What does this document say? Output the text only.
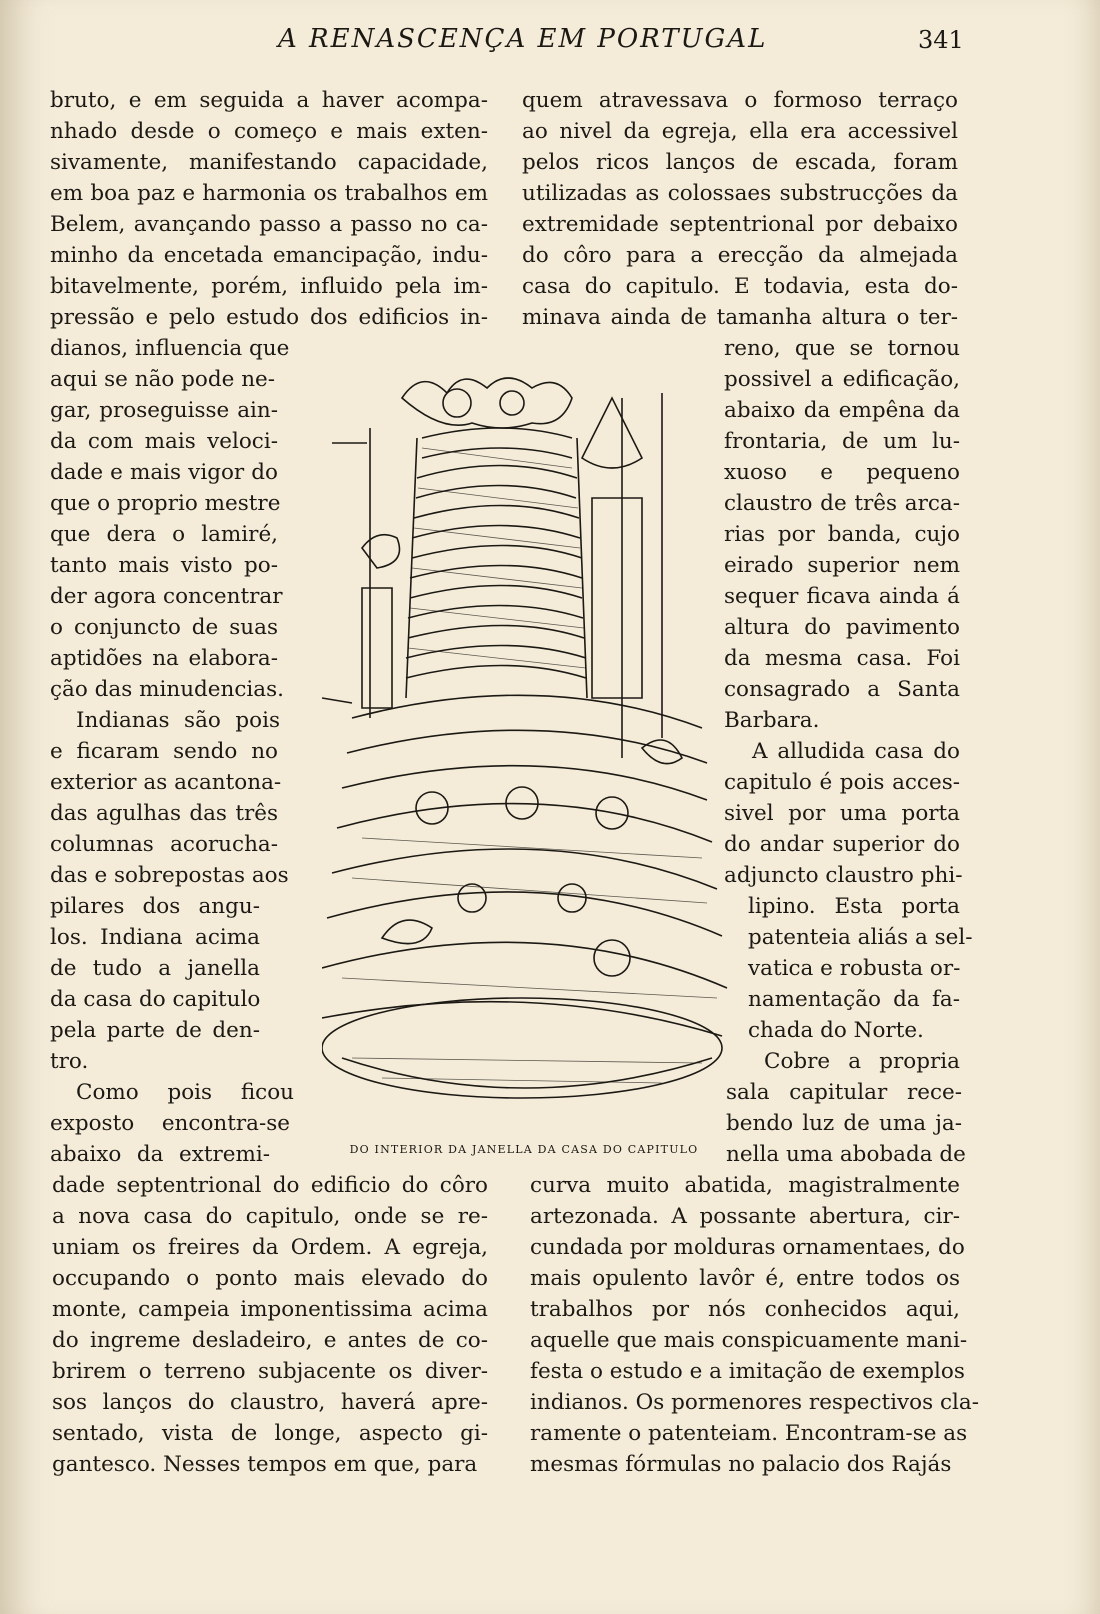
A RENASCENÇA EM PORTUGAL	341
bruto, e em seguida a haver acompa-
nhado desde o começo e mais exten-
sivamente, manifestando capacidade,
em boa paz e harmonia os trabalhos em
Belem, avançando passo a passo no ca-
minho da encetada emancipação, indu-
bitavelmente, porém, influido pela im-
pressão e pelo estudo dos edificios in-
dianos, influencia que
aqui se não pode ne-
gar, proseguisse ain-
da com mais veloci-
dade e mais vigor do
que o proprio mestre
que dera o lamiré,
tanto mais visto po-
der agora concentrar
o conjuncto de suas
aptidões na elabora-
ção das minudencias.
Indianas são pois
e ficaram sendo no
exterior as acantona-
das agulhas das três
columnas acorucha-
das e sobrepostas aos
pilares dos angu-
los. Indiana acima
de tudo a janella
da casa do capitulo
pela parte de den-
tro.
Como pois ficou
exposto encontra-se
abaixo da extremi-
dade septentrional do edificio do côro
a nova casa do capitulo, onde se re-
uniam os freires da Ordem. A egreja,
occupando o ponto mais elevado do
monte, campeia imponentissima acima
do ingreme desladeiro, e antes de co-
brirem o terreno subjacente os diver-
sos lanços do claustro, haverá apre-
sentado, vista de longe, aspecto gi-
gantesco. Nesses tempos em que, para
quem atravessava o formoso terraço
ao nivel da egreja, ella era accessivel
pelos ricos lanços de escada, foram
utilizadas as colossaes substrucções da
extremidade septentrional por debaixo
do côro para a erecção da almejada
casa do capitulo. E todavia, esta do-
minava ainda de tamanha altura o ter-
reno, que se tornou
possivel a edificação,
abaixo da empêna da
frontaria, de um lu-
xuoso e pequeno
claustro de três arca-
rias por banda, cujo
eirado superior nem
sequer ficava ainda á
altura do pavimento
da mesma casa. Foi
consagrado a Santa
Barbara.
A alludida casa do
capitulo é pois acces-
sivel por uma porta
do andar superior do
adjuncto claustro phi-
lipino. Esta porta
patenteia aliás a sel-
vatica e robusta or-
namentação da fa-
chada do Norte.
Cobre a propria
sala capitular rece-
bendo luz de uma ja-
nella uma abobada de
curva muito abatida, magistralmente
artezonada. A possante abertura, cir-
cundada por molduras ornamentaes, do
mais opulento lavôr é, entre todos os
trabalhos por nós conhecidos aqui,
aquelle que mais conspicuamente mani-
festa o estudo e a imitação de exemplos
indianos. Os pormenores respectivos cla-
ramente o patenteiam. Encontram-se as
mesmas fórmulas no palacio dos Rajás
DO INTERIOR DA JANELLA DA CASA DO CAPITULO
